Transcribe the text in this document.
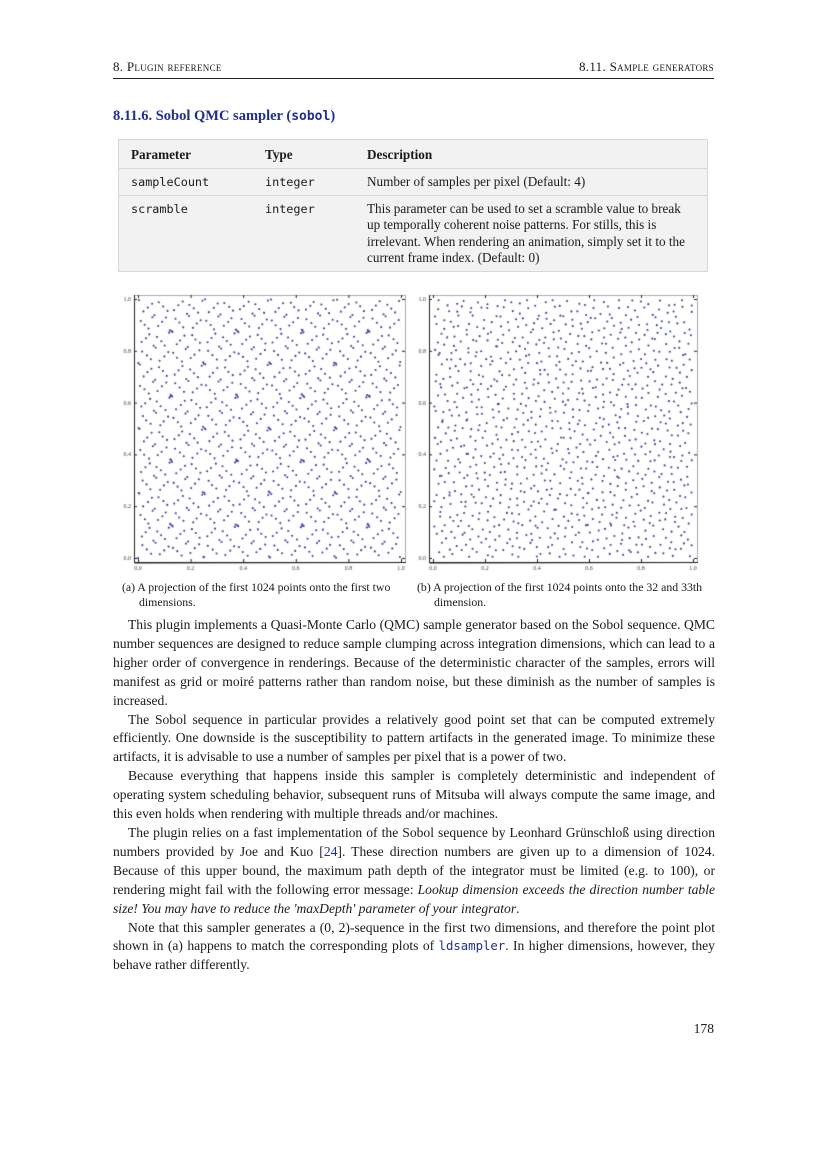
8. Plugin reference	8.11. Sample generators
8.11.6. Sobol QMC sampler (sobol)
Parameter	Type	Description
sampleCount	integer	Number of samples per pixel (Default: 4)
scramble	integer	This parameter can be used to set a scramble value to break up temporally coherent noise patterns. For stills, this is irrelevant. When rendering an animation, simply set it to the current frame index. (Default: 0)
(a) A projection of the first 1024 points onto the first two dimensions.
(b) A projection of the first 1024 points onto the 32 and 33th dimension.

This plugin implements a Quasi-Monte Carlo (QMC) sample generator based on the Sobol sequence. QMC number sequences are designed to reduce sample clumping across integration dimensions, which can lead to a higher order of convergence in renderings. Because of the deterministic character of the samples, errors will manifest as grid or moiré patterns rather than random noise, but these diminish as the number of samples is increased.

The Sobol sequence in particular provides a relatively good point set that can be computed extremely efficiently. One downside is the susceptibility to pattern artifacts in the generated image. To minimize these artifacts, it is advisable to use a number of samples per pixel that is a power of two.

Because everything that happens inside this sampler is completely deterministic and independent of operating system scheduling behavior, subsequent runs of Mitsuba will always compute the same image, and this even holds when rendering with multiple threads and/or machines.

The plugin relies on a fast implementation of the Sobol sequence by Leonhard Grünschloß using direction numbers provided by Joe and Kuo [24]. These direction numbers are given up to a dimension of 1024. Because of this upper bound, the maximum path depth of the integrator must be limited (e.g. to 100), or rendering might fail with the following error message: Lookup dimension exceeds the direction number table size! You may have to reduce the 'maxDepth' parameter of your integrator.

Note that this sampler generates a (0, 2)-sequence in the first two dimensions, and therefore the point plot shown in (a) happens to match the corresponding plots of ldsampler. In higher dimensions, however, they behave rather differently.

178
